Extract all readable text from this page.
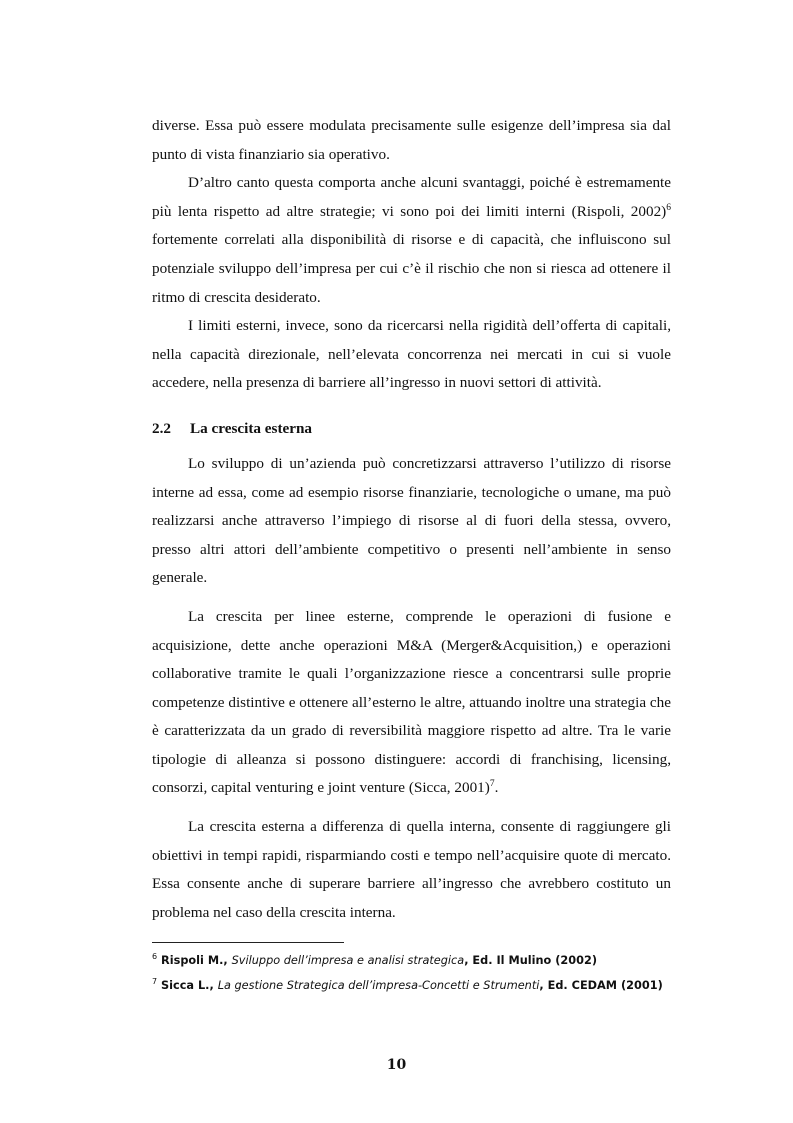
diverse. Essa può essere modulata precisamente sulle esigenze dell’impresa sia dal punto di vista finanziario sia operativo.

D’altro canto questa comporta anche alcuni svantaggi, poiché è estremamente più lenta rispetto ad altre strategie; vi sono poi dei limiti interni (Rispoli, 2002)$^6$ fortemente correlati alla disponibilità di risorse e di capacità, che influiscono sul potenziale sviluppo dell’impresa per cui c’è il rischio che non si riesca ad ottenere il ritmo di crescita desiderato.

I limiti esterni, invece, sono da ricercarsi nella rigidità dell’offerta di capitali, nella capacità direzionale, nell’elevata concorrenza nei mercati in cui si vuole accedere, nella presenza di barriere all’ingresso in nuovi settori di attività.

2.2	La crescita esterna

Lo sviluppo di un’azienda può concretizzarsi attraverso l’utilizzo di risorse interne ad essa, come ad esempio risorse finanziarie, tecnologiche o umane, ma può realizzarsi anche attraverso l’impiego di risorse al di fuori della stessa, ovvero, presso altri attori dell’ambiente competitivo o presenti nell’ambiente in senso generale.

La crescita per linee esterne, comprende le operazioni di fusione e acquisizione, dette anche operazioni M&A (Merger&Acquisition,) e operazioni collaborative tramite le quali l’organizzazione riesce a concentrarsi sulle proprie competenze distintive e ottenere all’esterno le altre, attuando inoltre una strategia che è caratterizzata da un grado di reversibilità maggiore rispetto ad altre. Tra le varie tipologie di alleanza si possono distinguere: accordi di franchising, licensing, consorzi, capital venturing e joint venture (Sicca, 2001)$^7$.

La crescita esterna a differenza di quella interna, consente di raggiungere gli obiettivi in tempi rapidi, risparmiando costi e tempo nell’acquisire quote di mercato. Essa consente anche di superare barriere all’ingresso che avrebbero costituto un problema nel caso della crescita interna.

$^6$ Rispoli M., Sviluppo dell’impresa e analisi strategica, Ed. Il Mulino (2002)

$^7$ Sicca L., La gestione Strategica dell’impresa-Concetti e Strumenti, Ed. CEDAM (2001)

10
